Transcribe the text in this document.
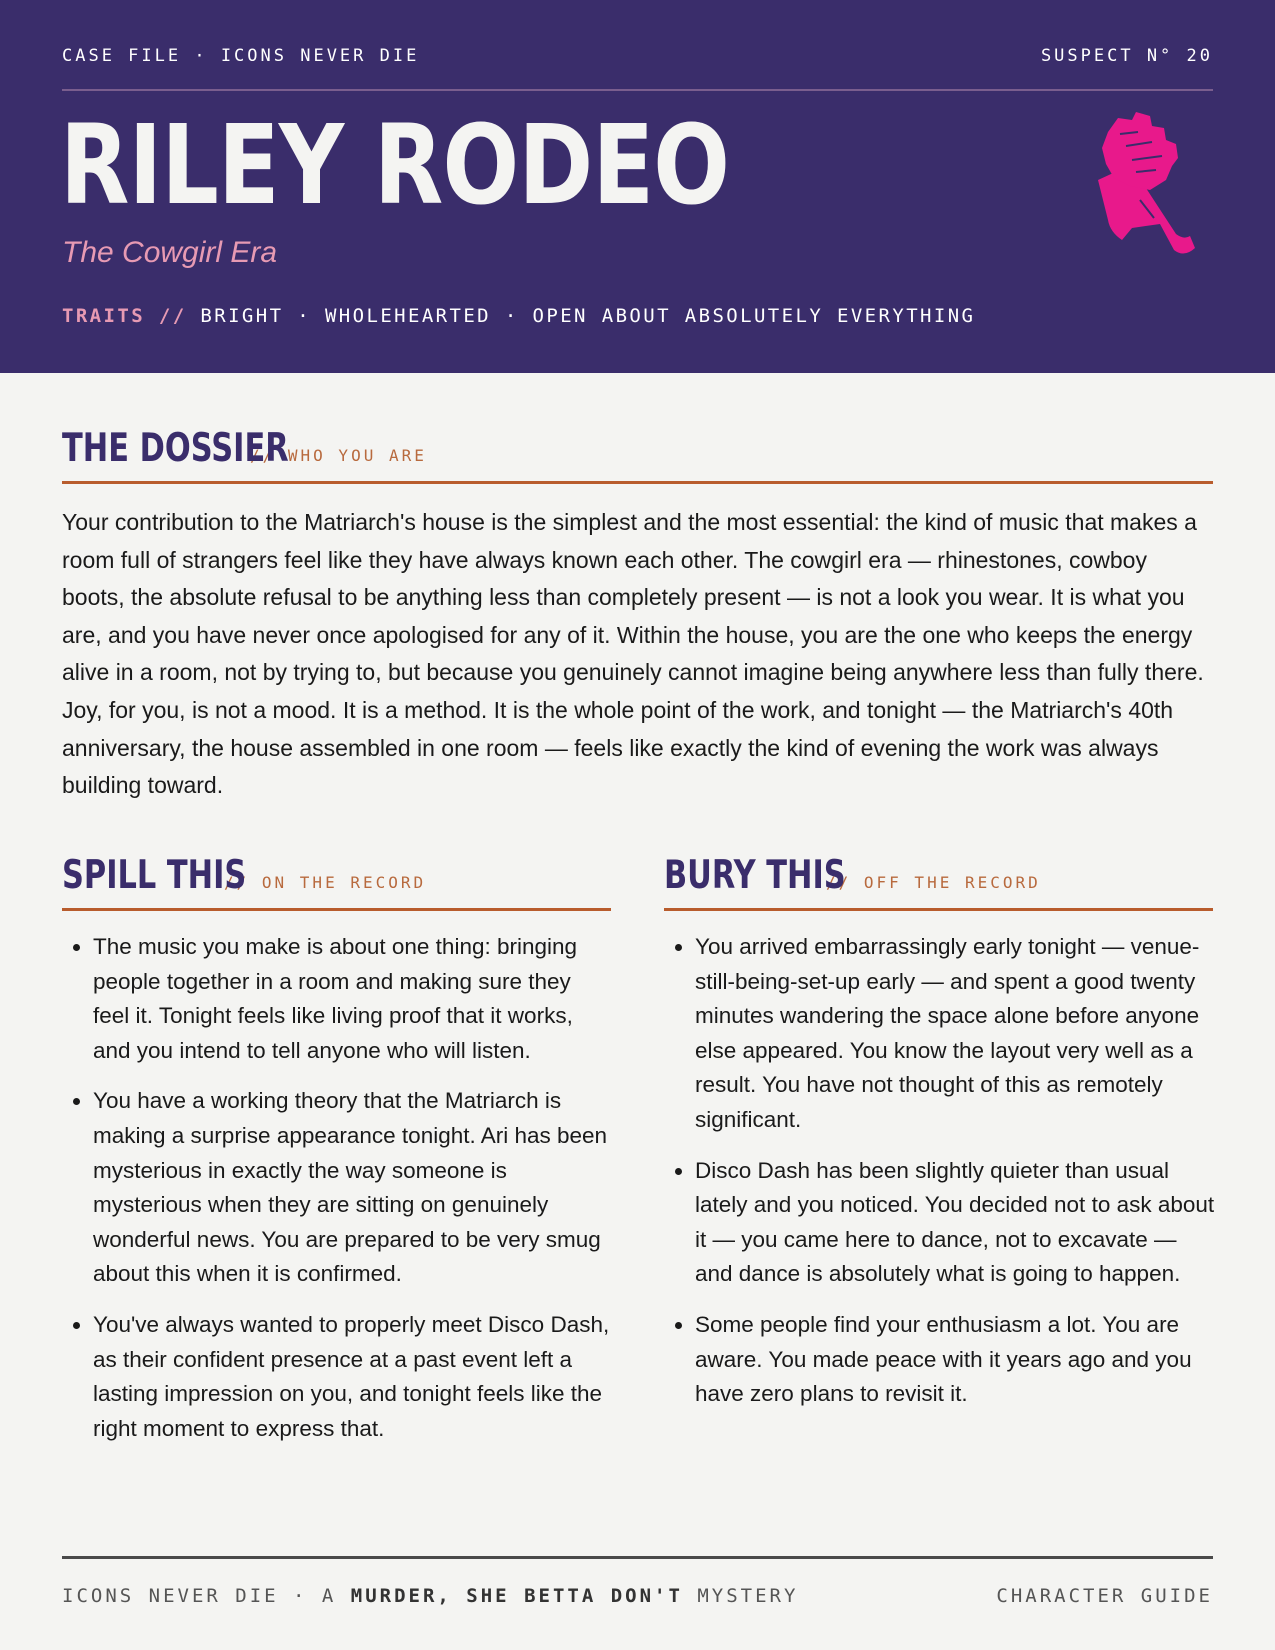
CASE FILE · ICONS NEVER DIE	SUSPECT N° 20
RILEY RODEO
The Cowgirl Era
TRAITS // BRIGHT · WHOLEHEARTED · OPEN ABOUT ABSOLUTELY EVERYTHING
THE DOSSIER
// WHO YOU ARE
Your contribution to the Matriarch's house is the simplest and the most essential: the kind of music that makes a room full of strangers feel like they have always known each other. The cowgirl era — rhinestones, cowboy boots, the absolute refusal to be anything less than completely present — is not a look you wear. It is what you are, and you have never once apologised for any of it. Within the house, you are the one who keeps the energy alive in a room, not by trying to, but because you genuinely cannot imagine being anywhere less than fully there. Joy, for you, is not a mood. It is a method. It is the whole point of the work, and tonight — the Matriarch's 40th anniversary, the house assembled in one room — feels like exactly the kind of evening the work was always building toward.
SPILL THIS
// ON THE RECORD
• The music you make is about one thing: bringing people together in a room and making sure they feel it. Tonight feels like living proof that it works, and you intend to tell anyone who will listen.
• You have a working theory that the Matriarch is making a surprise appearance tonight. Ari has been mysterious in exactly the way someone is mysterious when they are sitting on genuinely wonderful news. You are prepared to be very smug about this when it is confirmed.
• You've always wanted to properly meet Disco Dash, as their confident presence at a past event left a lasting impression on you, and tonight feels like the right moment to express that.
BURY THIS
// OFF THE RECORD
• You arrived embarrassingly early tonight — venue-still-being-set-up early — and spent a good twenty minutes wandering the space alone before anyone else appeared. You know the layout very well as a result. You have not thought of this as remotely significant.
• Disco Dash has been slightly quieter than usual lately and you noticed. You decided not to ask about it — you came here to dance, not to excavate — and dance is absolutely what is going to happen.
• Some people find your enthusiasm a lot. You are aware. You made peace with it years ago and you have zero plans to revisit it.
ICONS NEVER DIE · A MURDER, SHE BETTA DON'T MYSTERY	CHARACTER GUIDE
